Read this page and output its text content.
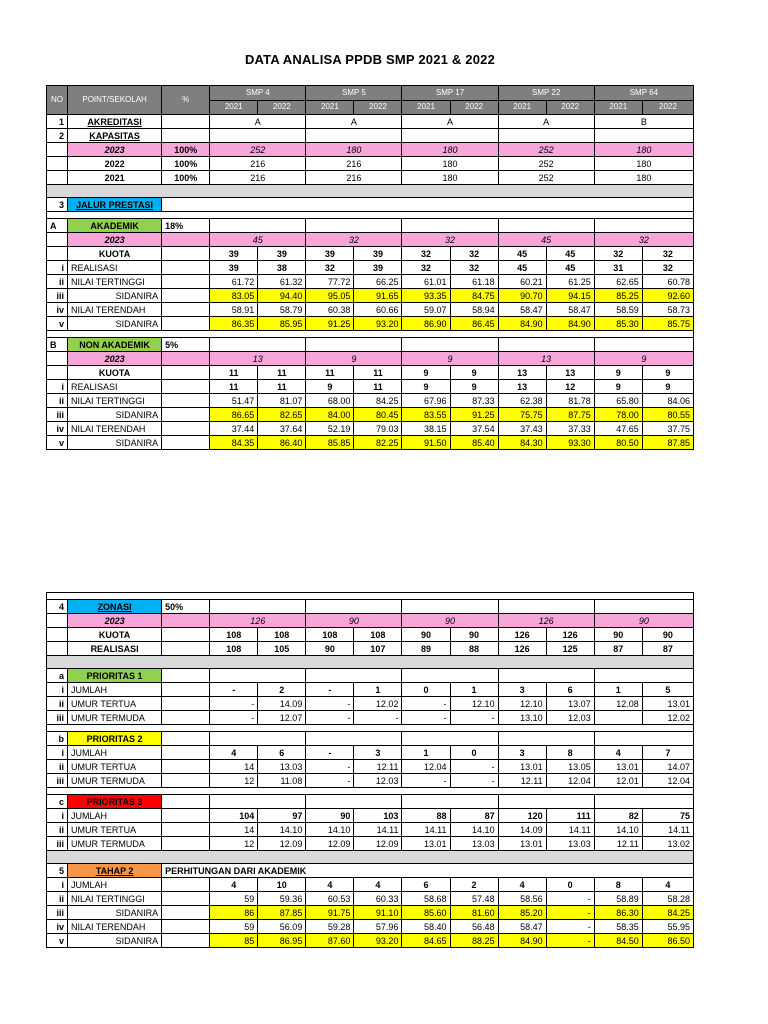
DATA ANALISA PPDB SMP 2021 & 2022
NO	POINT/SEKOLAH	%	SMP 4		SMP 5		SMP 17		SMP 22		SMP 64	
			2021	2022	2021	2022	2021	2022	2021	2022	2021	2022
1	AKREDITASI		A		A		A		A		B	
2	KAPASITAS											
	2023	100%	252		180		180		252		180	
	2022	100%	216		216		180		252		180	
	2021	100%	216		216		180		252		180	

3	JALUR PRESTASI											

A	AKADEMIK	18%										
	2023		45		32		32		45		32	
	KUOTA		39	39	39	39	32	32	45	45	32	32
i	REALISASI		39	38	32	39	32	32	45	45	31	32
ii	NILAI TERTINGGI		61.72	61.32	77.72	66.25	61.01	61.18	60.21	61.25	62.65	60.78
iii	SIDANIRA		83.05	94.40	95.05	91.65	93.35	84.75	90.70	94.15	85.25	92.60
iv	NILAI TERENDAH		58.91	58.79	60.38	60.66	59.07	58.94	58.47	58.47	58.59	58.73
v	SIDANIRA		86.35	85.95	91.25	93.20	86.90	86.45	84.90	84.90	85.30	85.75

B	NON AKADEMIK	5%										
	2023		13		9		9		13		9	
	KUOTA		11	11	11	11	9	9	13	13	9	9
i	REALISASI		11	11	9	11	9	9	13	12	9	9
ii	NILAI TERTINGGI		51.47	81.07	68.00	84.25	67.96	87.33	62.38	81.78	65.80	84.06
iii	SIDANIRA		86.65	82.65	84.00	80.45	83.55	91.25	75.75	87.75	78.00	80.55
iv	NILAI TERENDAH		37.44	37.64	52.19	79.03	38.15	37.54	37.43	37.33	47.65	37.75
v	SIDANIRA		84.35	86.40	85.85	82.25	91.50	85.40	84.30	93.30	80.50	87.85

4	ZONASI	50%										
	2023		126		90		90		126		90	
	KUOTA		108	108	108	108	90	90	126	126	90	90
	REALISASI		108	105	90	107	89	88	126	125	87	87

a	PRIORITAS 1											
i	JUMLAH		-	2	-	1	0	1	3	6	1	5
ii	UMUR TERTUA		-	14.09	-	12.02	-	12.10	12.10	13.07	12.08	13.01
iii	UMUR TERMUDA		-	12.07	-	-	-	-	13.10	12.03		12.02

b	PRIORITAS 2											
i	JUMLAH		4	6	-	3	1	0	3	8	4	7
ii	UMUR TERTUA		14	13.03	-	12.11	12.04	-	13.01	13.05	13.01	14.07
iii	UMUR TERMUDA		12	11.08	-	12.03	-	-	12.11	12.04	12.01	12.04

c	PRIORITAS 3											
i	JUMLAH		104	97	90	103	88	87	120	111	82	75
ii	UMUR TERTUA		14	14.10	14.10	14.11	14.11	14.10	14.09	14.11	14.10	14.11
iii	UMUR TERMUDA		12	12.09	12.09	12.09	13.01	13.03	13.01	13.03	12.11	13.02

5	TAHAP 2	PERHITUNGAN DARI AKADEMIK										
i	JUMLAH		4	10	4	4	6	2	4	0	8	4
ii	NILAI TERTINGGI		59	59.36	60.53	60.33	58.68	57.48	58.56	-	58.89	58.28
iii	SIDANIRA		86	87.85	91.75	91.10	85.60	81.60	85.20	-	86.30	84.25
iv	NILAI TERENDAH		59	56.09	59.28	57.96	58.40	56.48	58.47	-	58.35	55.95
v	SIDANIRA		85	86.95	87.60	93.20	84.65	88.25	84.90	-	84.50	86.50
